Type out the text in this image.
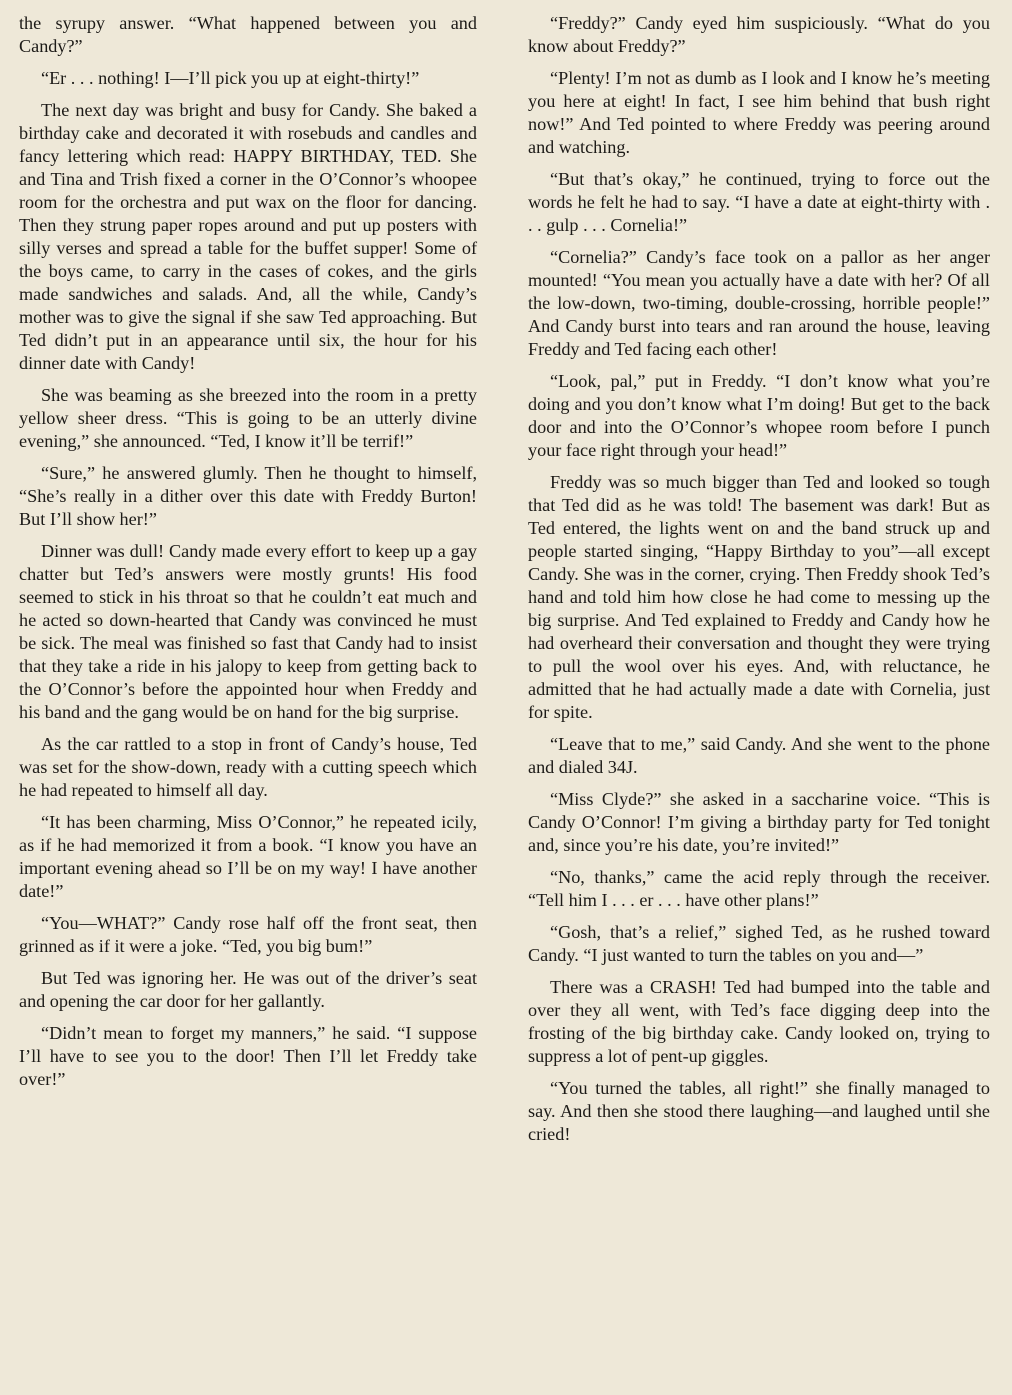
the syrupy answer. “What happened between you and Candy?”

“Er . . . nothing! I—I’ll pick you up at eight-thirty!”

The next day was bright and busy for Candy. She baked a birthday cake and decorated it with rosebuds and candles and fancy lettering which read: HAPPY BIRTHDAY, TED. She and Tina and Trish fixed a corner in the O’Connor’s whoopee room for the orchestra and put wax on the floor for dancing. Then they strung paper ropes around and put up posters with silly verses and spread a table for the buffet supper! Some of the boys came, to carry in the cases of cokes, and the girls made sandwiches and salads. And, all the while, Candy’s mother was to give the signal if she saw Ted approaching. But Ted didn’t put in an appearance until six, the hour for his dinner date with Candy!

She was beaming as she breezed into the room in a pretty yellow sheer dress. “This is going to be an utterly divine evening,” she announced. “Ted, I know it’ll be terrif!”

“Sure,” he answered glumly. Then he thought to himself, “She’s really in a dither over this date with Freddy Burton! But I’ll show her!”

Dinner was dull! Candy made every effort to keep up a gay chatter but Ted’s answers were mostly grunts! His food seemed to stick in his throat so that he couldn’t eat much and he acted so down-hearted that Candy was convinced he must be sick. The meal was finished so fast that Candy had to insist that they take a ride in his jalopy to keep from getting back to the O’Connor’s before the appointed hour when Freddy and his band and the gang would be on hand for the big surprise.

As the car rattled to a stop in front of Candy’s house, Ted was set for the show-down, ready with a cutting speech which he had repeated to himself all day.

“It has been charming, Miss O’Connor,” he repeated icily, as if he had memorized it from a book. “I know you have an important evening ahead so I’ll be on my way! I have another date!”

“You—WHAT?” Candy rose half off the front seat, then grinned as if it were a joke. “Ted, you big bum!”

But Ted was ignoring her. He was out of the driver’s seat and opening the car door for her gallantly.

“Didn’t mean to forget my manners,” he said. “I suppose I’ll have to see you to the door! Then I’ll let Freddy take over!”

“Freddy?” Candy eyed him suspiciously. “What do you know about Freddy?”

“Plenty! I’m not as dumb as I look and I know he’s meeting you here at eight! In fact, I see him behind that bush right now!” And Ted pointed to where Freddy was peering around and watching.

“But that’s okay,” he continued, trying to force out the words he felt he had to say. “I have a date at eight-thirty with . . . gulp . . . Cornelia!”

“Cornelia?” Candy’s face took on a pallor as her anger mounted! “You mean you actually have a date with her? Of all the low-down, two-timing, double-crossing, horrible people!” And Candy burst into tears and ran around the house, leaving Freddy and Ted facing each other!

“Look, pal,” put in Freddy. “I don’t know what you’re doing and you don’t know what I’m doing! But get to the back door and into the O’Connor’s whopee room before I punch your face right through your head!”

Freddy was so much bigger than Ted and looked so tough that Ted did as he was told! The basement was dark! But as Ted entered, the lights went on and the band struck up and people started singing, “Happy Birthday to you”—all except Candy. She was in the corner, crying. Then Freddy shook Ted’s hand and told him how close he had come to messing up the big surprise. And Ted explained to Freddy and Candy how he had overheard their conversation and thought they were trying to pull the wool over his eyes. And, with reluctance, he admitted that he had actually made a date with Cornelia, just for spite.

“Leave that to me,” said Candy. And she went to the phone and dialed 34J.

“Miss Clyde?” she asked in a saccharine voice. “This is Candy O’Connor! I’m giving a birthday party for Ted tonight and, since you’re his date, you’re invited!”

“No, thanks,” came the acid reply through the receiver. “Tell him I . . . er . . . have other plans!”

“Gosh, that’s a relief,” sighed Ted, as he rushed toward Candy. “I just wanted to turn the tables on you and—”

There was a CRASH! Ted had bumped into the table and over they all went, with Ted’s face digging deep into the frosting of the big birthday cake. Candy looked on, trying to suppress a lot of pent-up giggles.

“You turned the tables, all right!” she finally managed to say. And then she stood there laughing—and laughed until she cried!
